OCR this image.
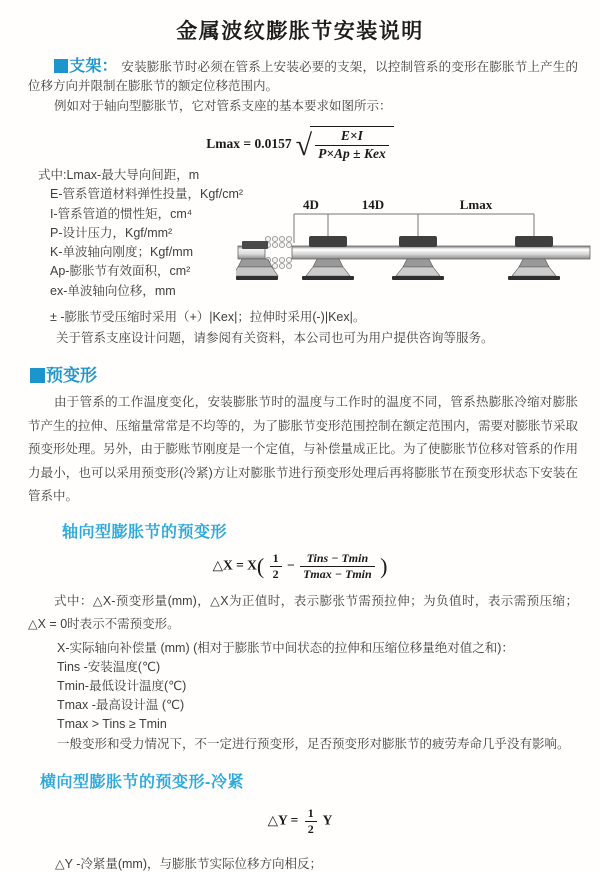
金属波纹膨胀节安装说明

支架： 安装膨胀节时必须在管系上安装必要的支架，以控制管系的变形在膨胀节上产生的位移方向并限制在膨胀节的额定位移范围内。

例如对于轴向型膨胀节，它对管系支座的基本要求如图所示：

Lmax = 0.0157 √ E×I
P×Ap ± Kex
式中:Lmax-最大导向间距，m
E-管系管道材料弹性投量，Kgf/cm²
I-管系管道的惯性矩，cm⁴
P-设计压力，Kgf/mm²
K-单波轴向刚度；Kgf/mm
Ap-膨胀节有效面积，cm²
ex-单波轴向位移，mm
4D	14D	Lmax

± -膨胀节受压缩时采用（+）|Kex|；拉伸时采用(-)|Kex|。

关于管系支座设计问题，请参阅有关资料，本公司也可为用户提供咨询等服务。

预变形

由于管系的工作温度变化，安装膨胀节时的温度与工作时的温度不同，管系热膨胀冷缩对膨胀节产生的拉伸、压缩量常常是不均等的，为了膨胀节变形范围控制在额定范围内，需要对膨胀节采取预变形处理。另外，由于膨账节刚度是一个定值，与补偿量成正比。为了使膨胀节位移对管系的作用力最小，也可以采用预变形(冷紧)方让对膨胀节进行预变形处理后再将膨胀节在预变形状态下安装在管系中。

轴向型膨胀节的预变形
△X = $X( \frac{1}{2}$ − Tins − Tmin
Tmax − Tmin )

式中：△X-预变形量(mm)，△X为正值时，表示膨张节需预拉伸；为负值时，表示需预压缩；△X = 0时表示不需预变形。

X-实际轴向补偿量 (mm) (相对于膨胀节中间状态的拉伸和压缩位移量绝对值之和)：

Tins -安装温度(℃)

Tmin-最低设计温度(℃)

Tmax -最高设计温 (℃)

Tmax > Tins ≥ Tmin

一般变形和受力情况下，不一定进行预变形，足否预变形对膨胀节的疲劳寿命几乎没有影响。

横向型膨胀节的预变形-冷紧
△Y = $\frac{1}{2}$ Y

△Y -冷紧量(mm)，与膨胀节实际位移方向相反；
